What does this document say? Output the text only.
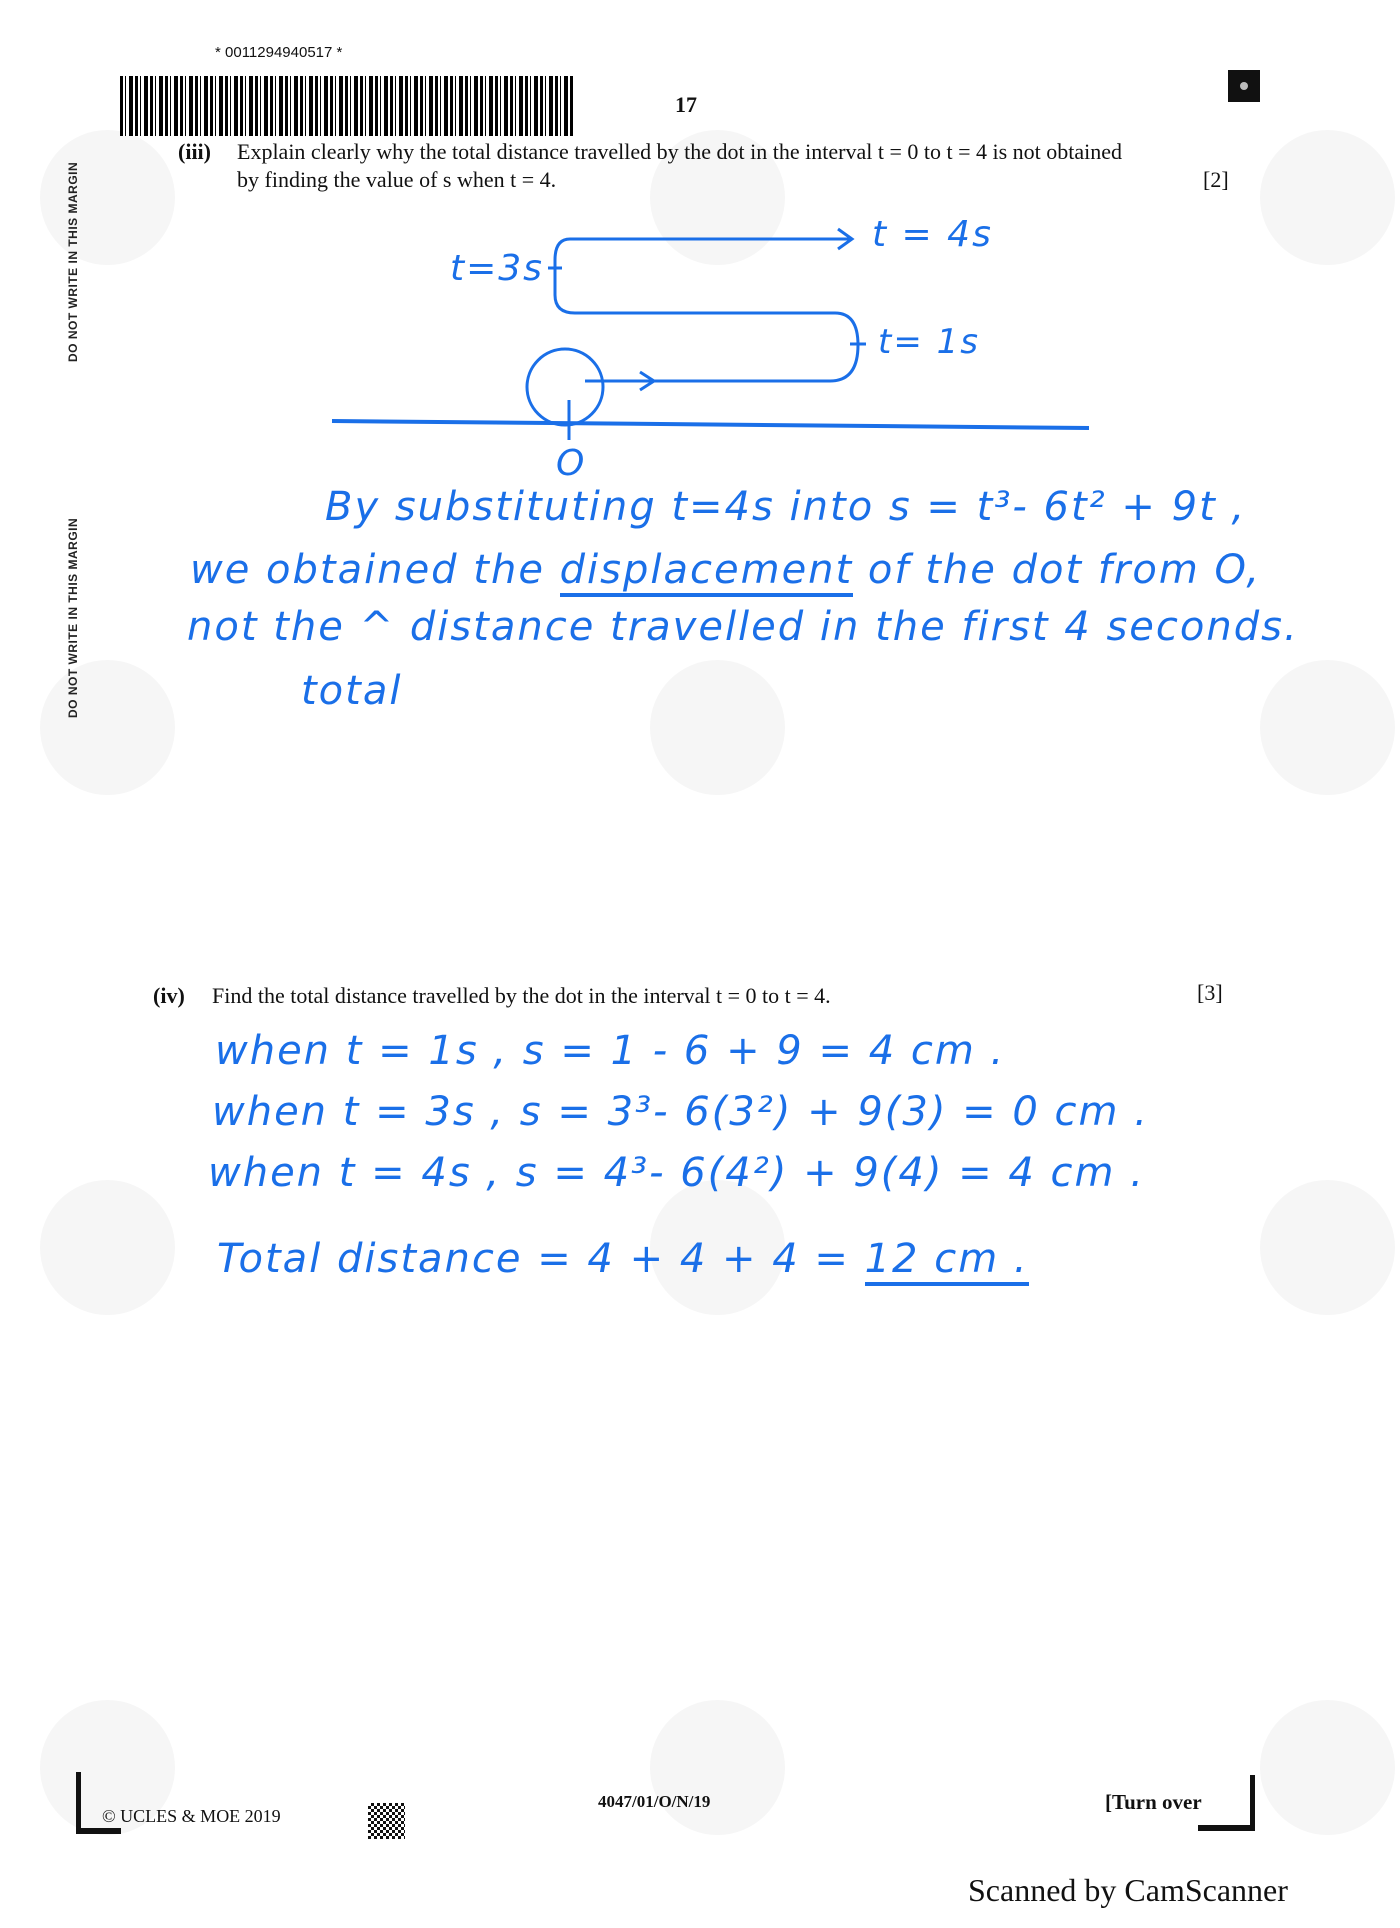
DO NOT WRITE IN THIS MARGIN
DO NOT WRITE IN THIS MARGIN
* 0011294940517 *
17
(iii) Explain clearly why the total distance travelled by the dot in the interval t = 0 to t = 4 is not obtained
by finding the value of s when t = 4.	[2]
t = 4s
t=3s
t= 1s
O
By substituting t=4s into s = t³- 6t² + 9t ,
we obtained the displacement of the dot from O,
not the ^ distance travelled in the first 4 seconds.
total
(iv) Find the total distance travelled by the dot in the interval t = 0 to t = 4.	[3]
when t = 1s , s = 1 - 6 + 9 = 4 cm .
when t = 3s , s = 3³- 6(3²) + 9(3) = 0 cm .
when t = 4s , s = 4³- 6(4²) + 9(4) = 4 cm .
Total distance = 4 + 4 + 4 = 12 cm .
© UCLES & MOE 2019
4047/01/O/N/19	[Turn over
Scanned by CamScanner
